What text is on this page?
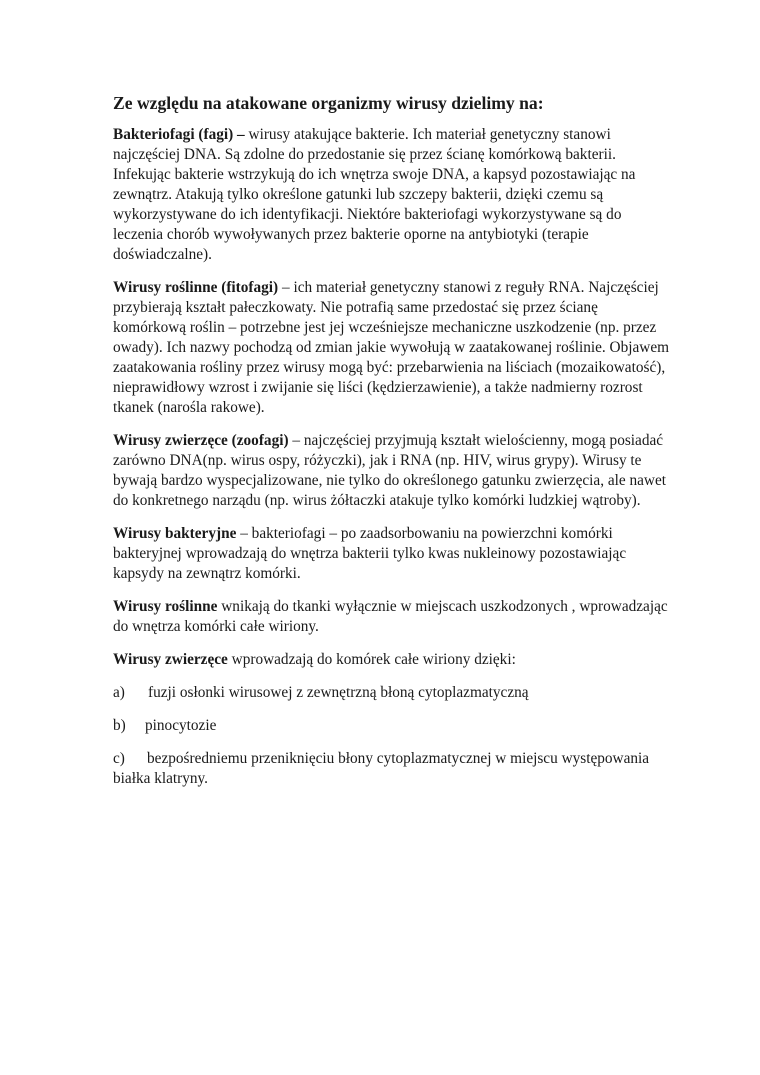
Ze względu na atakowane organizmy wirusy dzielimy na:

Bakteriofagi (fagi) – wirusy atakujące bakterie. Ich materiał genetyczny stanowi najczęściej DNA. Są zdolne do przedostanie się przez ścianę komórkową bakterii. Infekując bakterie wstrzykują do ich wnętrza swoje DNA, a kapsyd pozostawiając na zewnątrz. Atakują tylko określone gatunki lub szczepy bakterii, dzięki czemu są wykorzystywane do ich identyfikacji. Niektóre bakteriofagi wykorzystywane są do leczenia chorób wywoływanych przez bakterie oporne na antybiotyki (terapie doświadczalne).

Wirusy roślinne (fitofagi) – ich materiał genetyczny stanowi z reguły RNA. Najczęściej przybierają kształt pałeczkowaty. Nie potrafią same przedostać się przez ścianę komórkową roślin – potrzebne jest jej wcześniejsze mechaniczne uszkodzenie (np. przez owady). Ich nazwy pochodzą od zmian jakie wywołują w zaatakowanej roślinie. Objawem zaatakowania rośliny przez wirusy mogą być: przebarwienia na liściach (mozaikowatość), nieprawidłowy wzrost i zwijanie się liści (kędzierzawienie), a także nadmierny rozrost tkanek (narośla rakowe).

Wirusy zwierzęce (zoofagi) – najczęściej przyjmują kształt wielościenny, mogą posiadać zarówno DNA(np. wirus ospy, różyczki), jak i RNA (np. HIV, wirus grypy). Wirusy te bywają bardzo wyspecjalizowane, nie tylko do określonego gatunku zwierzęcia, ale nawet do konkretnego narządu (np. wirus żółtaczki atakuje tylko komórki ludzkiej wątroby).

Wirusy bakteryjne – bakteriofagi – po zaadsorbowaniu na powierzchni komórki bakteryjnej wprowadzają do wnętrza bakterii tylko kwas nukleinowy pozostawiając kapsydy na zewnątrz komórki.

Wirusy roślinne wnikają do tkanki wyłącznie w miejscach uszkodzonych , wprowadzając do wnętrza komórki całe wiriony.

Wirusy zwierzęce wprowadzają do komórek całe wiriony dzięki:

a) fuzji osłonki wirusowej z zewnętrzną błoną cytoplazmatyczną

b) pinocytozie

c) bezpośredniemu przeniknięciu błony cytoplazmatycznej w miejscu występowania białka klatryny.
